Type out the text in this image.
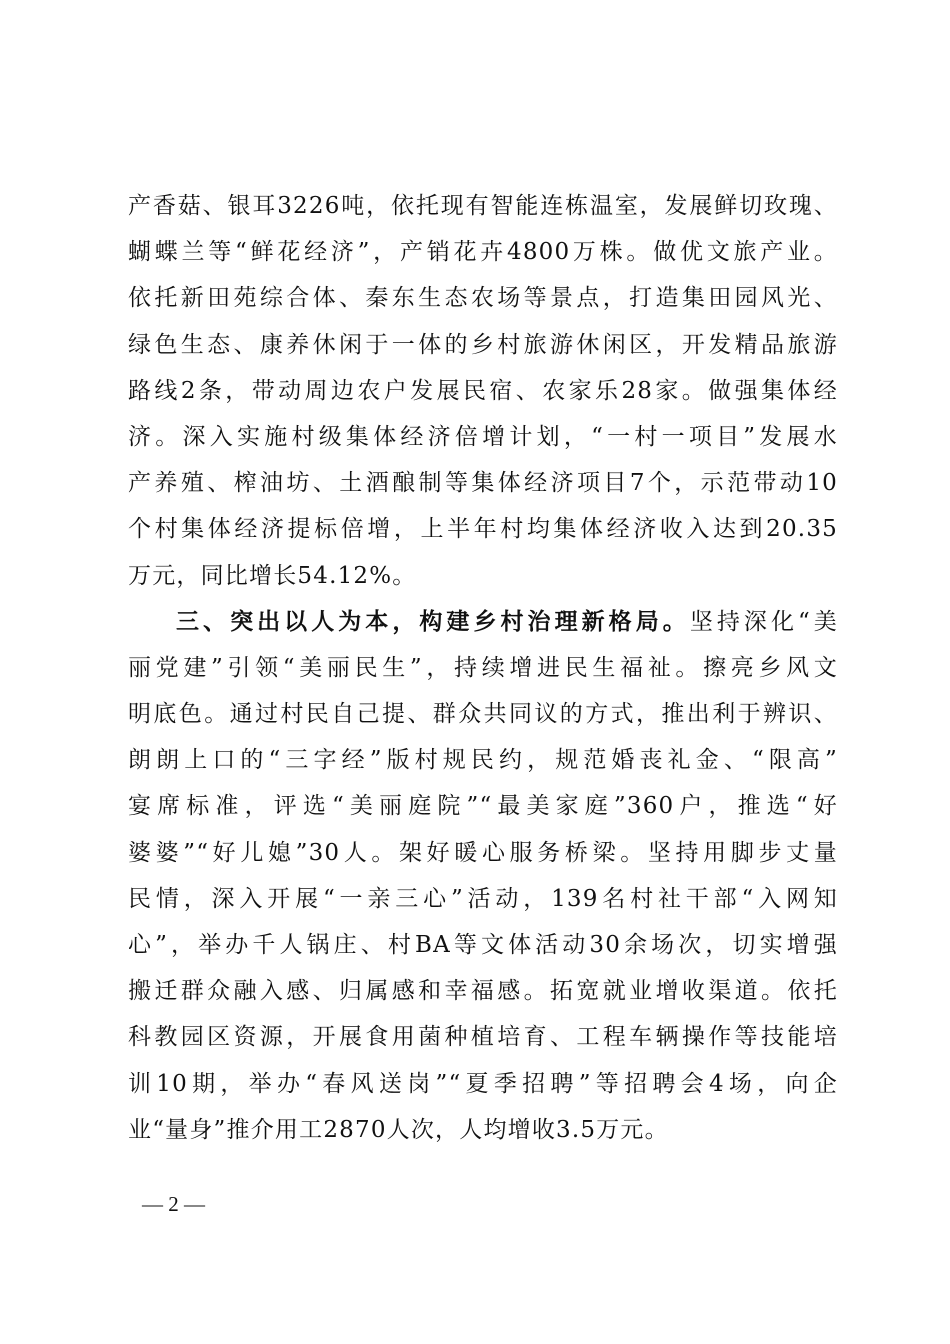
产香菇、银耳3226吨，依托现有智能连栋温室，发展鲜切玫瑰、
蝴蝶兰等“鲜花经济”，产销花卉4800万株。做优文旅产业。
依托新田苑综合体、秦东生态农场等景点，打造集田园风光、
绿色生态、康养休闲于一体的乡村旅游休闲区，开发精品旅游
路线2条，带动周边农户发展民宿、农家乐28家。做强集体经
济。深入实施村级集体经济倍增计划，“一村一项目”发展水
产养殖、榨油坊、土酒酿制等集体经济项目7个，示范带动10
个村集体经济提标倍增，上半年村均集体经济收入达到20.35
万元，同比增长54.12%。
三、突出以人为本，构建乡村治理新格局。坚持深化“美
丽党建”引领“美丽民生”，持续增进民生福祉。擦亮乡风文
明底色。通过村民自己提、群众共同议的方式，推出利于辨识、
朗朗上口的“三字经”版村规民约，规范婚丧礼金、“限高”
宴席标准，评选“美丽庭院”“最美家庭”360户，推选“好
婆婆”“好儿媳”30人。架好暖心服务桥梁。坚持用脚步丈量
民情，深入开展“一亲三心”活动，139名村社干部“入网知
心”，举办千人锅庄、村BA等文体活动30余场次，切实增强
搬迁群众融入感、归属感和幸福感。拓宽就业增收渠道。依托
科教园区资源，开展食用菌种植培育、工程车辆操作等技能培
训10期，举办“春风送岗”“夏季招聘”等招聘会4场，向企
业“量身”推介用工2870人次，人均增收3.5万元。
— 2 —
